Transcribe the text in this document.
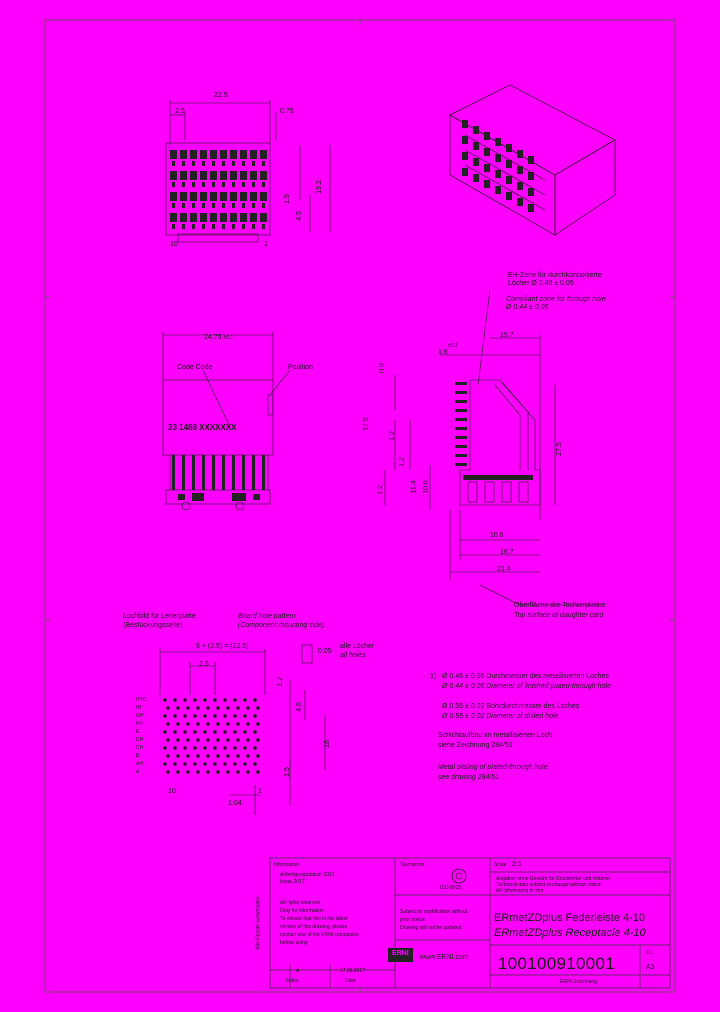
22.5
0.75
2.5
19.2
1.5
4.5
10	1
24.75 ±0.1
Code Code	Position
33 1488 XXXXXXX
EH-Zone für durchkontaktierte
Löcher Ø 0.46 ± 0.05
Compliant zone for through hole
Ø 0.44 ± 0.05
15.7
1.6
±0.2
0.9
17.5
1.2
1.2
1.2	11.4 10.6
10.6
16.7
21.4
27.5
Oberfläche der Tochterplatine
Top surface of daughter card
Lochbild für Leiterplatte
(Bestückungsseite)
Board hole pattern
(Component mounting side)
9 × (2.5) = (22.5)
2.5
0.05
alle Löcher
all holes
1.2
4.5
18
1.5
1.04
10	1
ITH1
HI
GH
FH
E
DH
CH
B
AH
A
1) Ø 0.46 ± 0.05 Durchmesser des metallisierten Loches
Ø 0.44 ± 0.05 Diameter of finished plated-through hole
Ø 0.55 ± 0.02 Bohrdurchmesser des Loches
Ø 0.55 ± 0.02 Diameter of drilled hole
Schichtaufbau im metallisierten Loch
siehe Zeichnung 284/51
Metal plating of plated-through hole
see drawing 284/51
Information
Anfertigungsdatum 2017
Issue 2017
All rights reserved.
Only for information.
To ensure that this is the latest
version of this drawing, please
contact one of the ERNI companies
before using
Alle Rechte vorbehalten
A
Index
17.05.2017
Date
Toleranzen
ISO 8015
Scale 2:1
Angaben ohne Gewähr für Druckfehler und Irrtümer
Technical data subject to change without notice
All dimensions in mm
Subject to modification without
prior notice.
Drawing will not be updated.
ERNI
www.ERNI.com
ERmetZDplus Federleiste 4-10
ERmetZDplus Receptacle 4-10
100100910001
1/1
A3
ERNI-Zeichnung
